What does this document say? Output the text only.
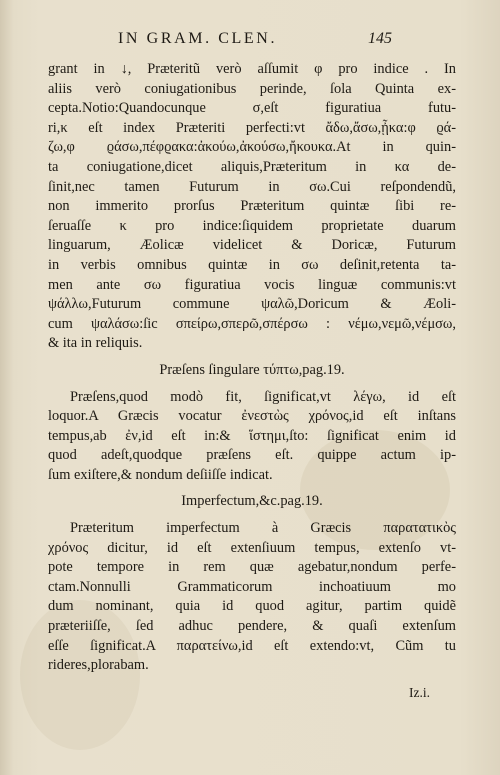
IN GRAM. CLEN.	145
grant in ↓, Præteritũ verò aſſumit φ pro indice . In
aliis verò coniugationibus perinde, ſola Quinta ex-
cepta.Notio:Quandocunque σ,eſt figuratiua futu-
ri,κ eſt index Præteriti perfecti:vt ἄδω,ἄσω,ᾖκα:φ ϱά-
ζω,φ ϱάσω,πέφϱακα:ἀκούω,ἀκούσω,ἤκουκα.At in quin-
ta coniugatione,dicet aliquis,Præteritum in κα de-
ſinit,nec tamen Futurum in σω.Cui reſpondendũ,
non immerito prorſus Præteritum quintæ ſibi re-
ſeruaſſe κ pro indice:ſiquidem proprietate duarum
linguarum, Æolicæ videlicet & Doricæ, Futurum
in verbis omnibus quintæ in σω deſinit,retenta ta-
men ante σω figuratiua vocis linguæ communis:vt
ψάλλω,Futurum commune ψαλῶ,Doricum & Æoli-
cum ψαλάσω:ſic σπείρω,σπερῶ,σπέρσω : νέμω,νεμῶ,νέμσω,
& ita in reliquis.
Præſens ſingulare τύπτω,pag.19.
Præſens,quod modò fit, ſignificat,vt λέγω, id eſt
loquor.A Græcis vocatur ἐνεστὼς χρόνος,id eſt inſtans
tempus,ab ἐν,id eſt in:& ἵστημι,ſto: ſignificat enim id
quod adeſt,quodque præſens eſt. quippe actum ip-
ſum exiſtere,& nondum deſiiſſe indicat.
Imperfectum,&c.pag.19.
Præteritum imperfectum à Græcis παρατατικὸς
χρόνος dicitur, id eſt extenſiuum tempus, extenſo vt-
pote tempore in rem quæ agebatur,nondum perfe-
ctam.Nonnulli Grammaticorum inchoatiuum mo
dum nominant, quia id quod agitur, partim quidẽ
præteriiſſe, ſed adhuc pendere, & quaſi extenſum
eſſe ſignificat.A παρατείνω,id eſt extendo:vt, Cũm tu
rideres,plorabam.
Iz.i.
